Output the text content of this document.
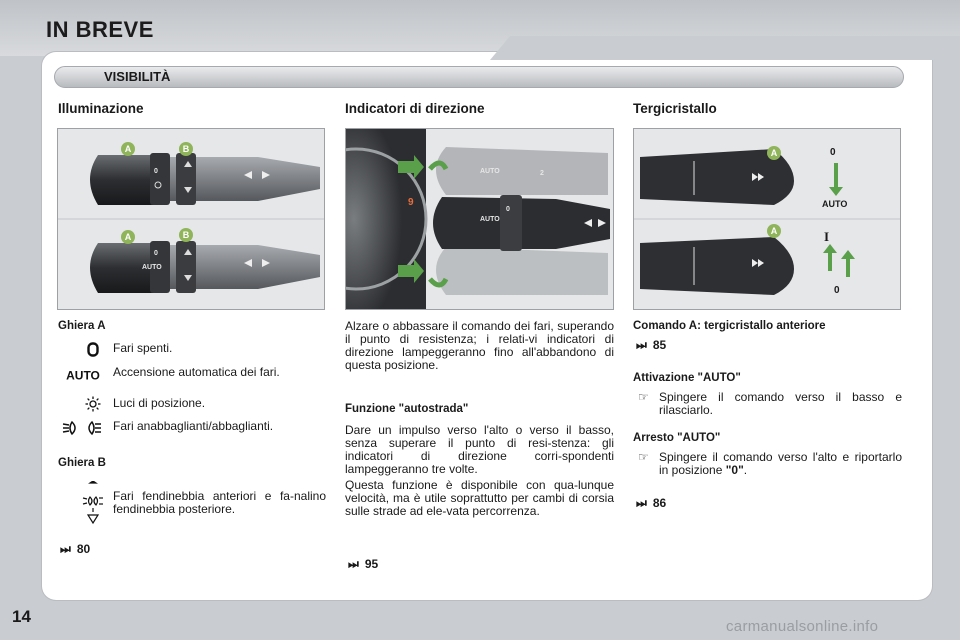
IN BREVE
VISIBILITÀ
Illuminazione	Indicatori di direzione	Tergicristallo
0
0
AUTO
A	B
A	B
0
AUTO
AUTO	2
9
A
A
0
AUTO
I
0
Ghiera A
Fari spenti.
AUTO Accensione automatica dei fari.
Luci di posizione.
Fari anabbaglianti/abbaglianti.
Ghiera B
Fari fendinebbia anteriori e fa-nalino fendinebbia posteriore.
⏭ 80
Alzare o abbassare il comando dei fari, superando il punto di resistenza; i relati-vi indicatori di direzione lampeggeranno fino all'abbandono di questa posizione.
Funzione "autostrada"
Dare un impulso verso l'alto o verso il basso, senza superare il punto di resi-stenza: gli indicatori di direzione corri-spondenti lampeggeranno tre volte.
Questa funzione è disponibile con qua-lunque velocità, ma è utile soprattutto per cambi di corsia sulle strade ad ele-vata percorrenza.
⏭ 95
Comando A: tergicristallo anteriore
⏭ 85
Attivazione "AUTO"
☞ Spingere il comando verso il basso e rilasciarlo.
Arresto "AUTO"
☞ Spingere il comando verso l'alto e riportarlo in posizione "0".
⏭ 86
14
carmanualsonline.info
